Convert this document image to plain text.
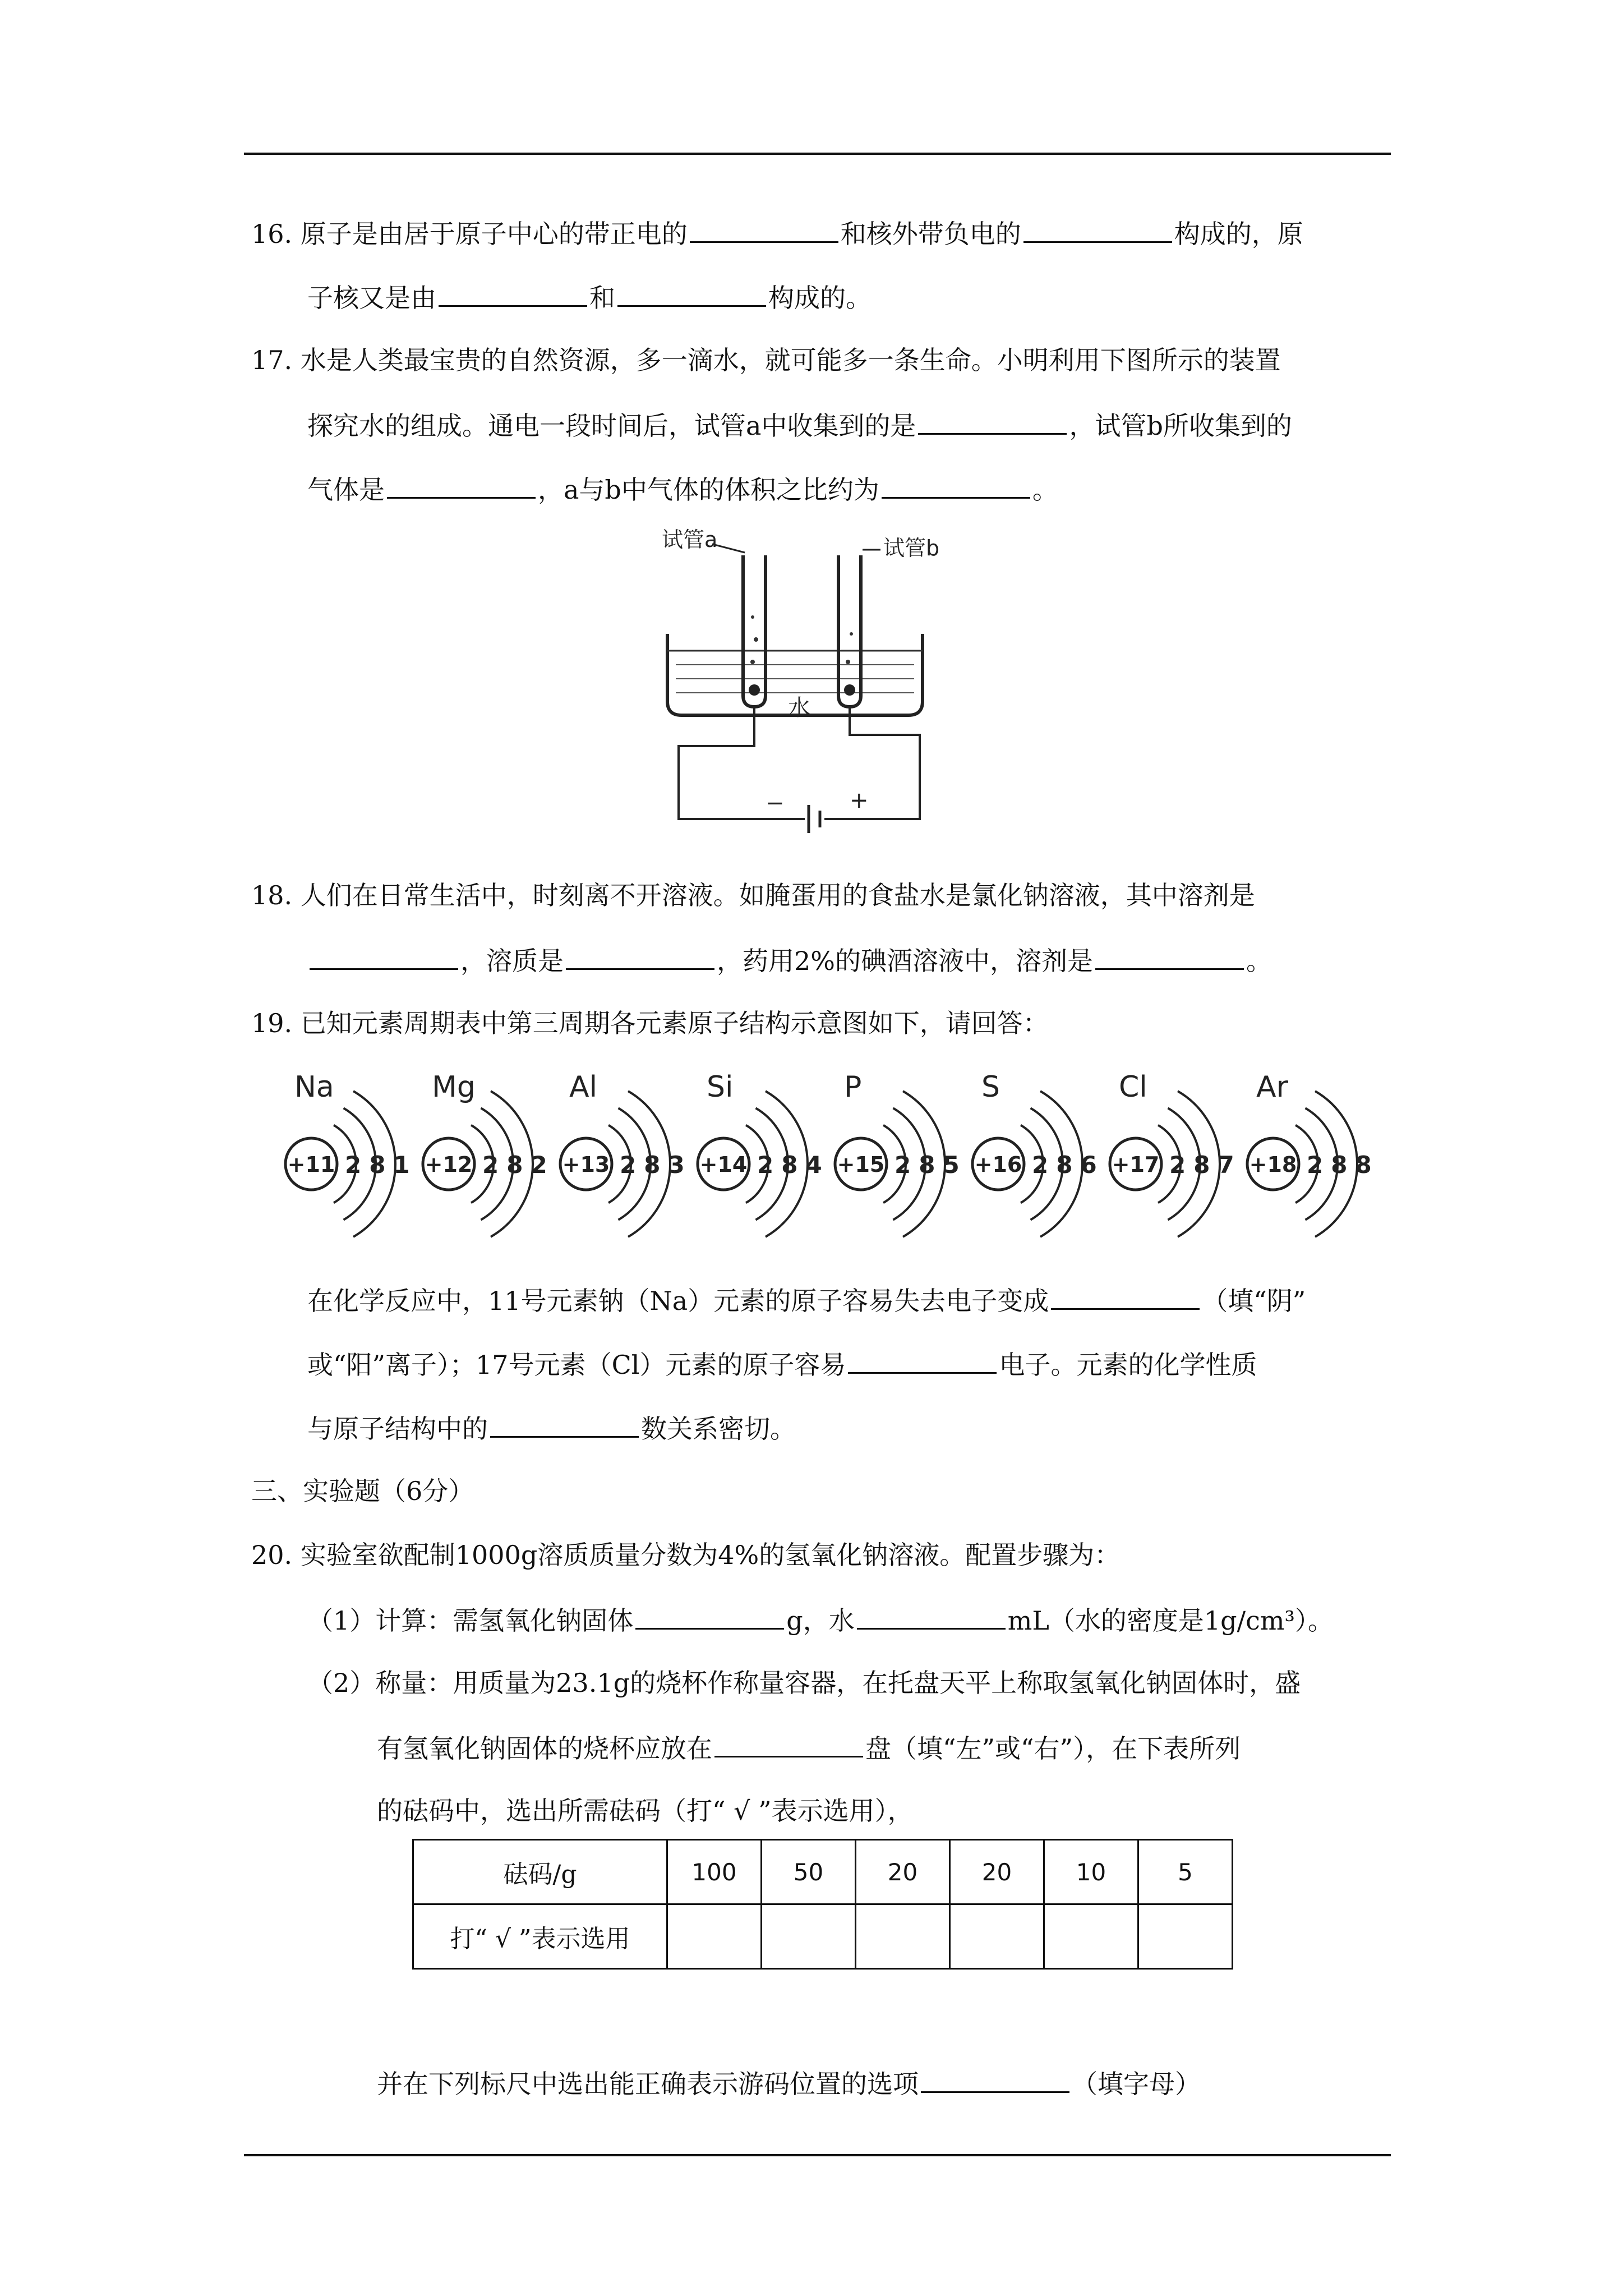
16. 原子是由居于原子中心的带正电的	和核外带负电的	构成的，原
子核又是由	和	构成的。
17. 水是人类最宝贵的自然资源，多一滴水，就可能多一条生命。小明利用下图所示的装置
探究水的组成。通电一段时间后，试管a中收集到的是	，试管b所收集到的
气体是	，a与b中气体的体积之比约为	。
试管a	试管b
水
−	+
18. 人们在日常生活中，时刻离不开溶液。如腌蛋用的食盐水是氯化钠溶液，其中溶剂是
，溶质是	，药用2%的碘酒溶液中，溶剂是	。
19. 已知元素周期表中第三周期各元素原子结构示意图如下，请回答：
Na
+11 281
Mg
+12 282
Al
+13 283
Si
+14 284
P
+15 285
S
+16 286
Cl
+17 287
Ar
+18 288
在化学反应中，11号元素钠（Na）元素的原子容易失去电子变成	（填“阴”
或“阳”离子）；17号元素（Cl）元素的原子容易	电子。元素的化学性质
与原子结构中的	数关系密切。
三、实验题（6分）
20. 实验室欲配制1000g溶质质量分数为4%的氢氧化钠溶液。配置步骤为：
（1）计算：需氢氧化钠固体	g，水	mL（水的密度是1g/cm³）。
（2）称量：用质量为23.1g的烧杯作称量容器，在托盘天平上称取氢氧化钠固体时，盛
有氢氧化钠固体的烧杯应放在	盘（填“左”或“右”），在下表所列
的砝码中，选出所需砝码（打“ √ ”表示选用），
砝码/g	100	50	20	20	10	5
打“ √ ”表示选用						
并在下列标尺中选出能正确表示游码位置的选项	（填字母）
